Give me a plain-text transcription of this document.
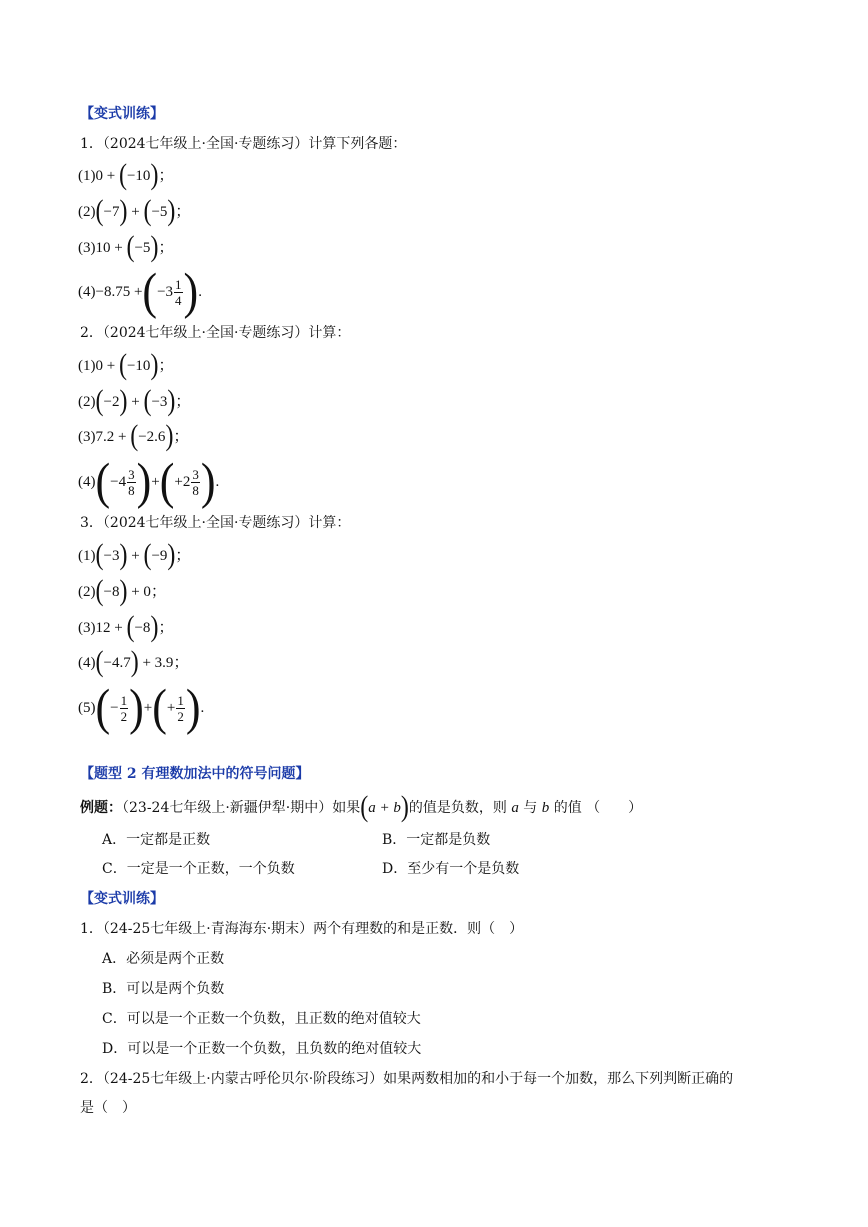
【变式训练】
1．（2024七年级上·全国·专题练习）计算下列各题：
(1)0 + (−10)；
(2)(−7) + (−5)；
(3)10 + (−5)；
(4) −8.75 + ( $-3 \frac{1}{4}$ ) .
2．（2024七年级上·全国·专题练习）计算：
(1)0 + (−10)；
(2)(−2) + (−3)；
(3)7.2 + (−2.6)；
(4) ( $-4 \frac{3}{8}$ ) + ( $+2 \frac{3}{8}$ ) .
3．（2024七年级上·全国·专题练习）计算：
(1)(−3) + (−9)；
(2)(−8) + 0；
(3)12 + (−8)；
(4)(−4.7) + 3.9；
(5) ( − $\frac{1}{2}$ ) + ( + $\frac{1}{2}$ ) .
【题型 2 有理数加法中的符号问题】
例题：（23-24七年级上·新疆伊犁·期中）如果(a + b)的值是负数，则 a 与 b 的值 （　　）
A．一定都是正数	B．一定都是负数
C．一定是一个正数，一个负数	D．至少有一个是负数
【变式训练】
1．（24-25七年级上·青海海东·期末）两个有理数的和是正数．则（　）
A．必须是两个正数
B．可以是两个负数
C．可以是一个正数一个负数，且正数的绝对值较大
D．可以是一个正数一个负数，且负数的绝对值较大
2．（24-25七年级上·内蒙古呼伦贝尔·阶段练习）如果两数相加的和小于每一个加数，那么下列判断正确的
是（　）
